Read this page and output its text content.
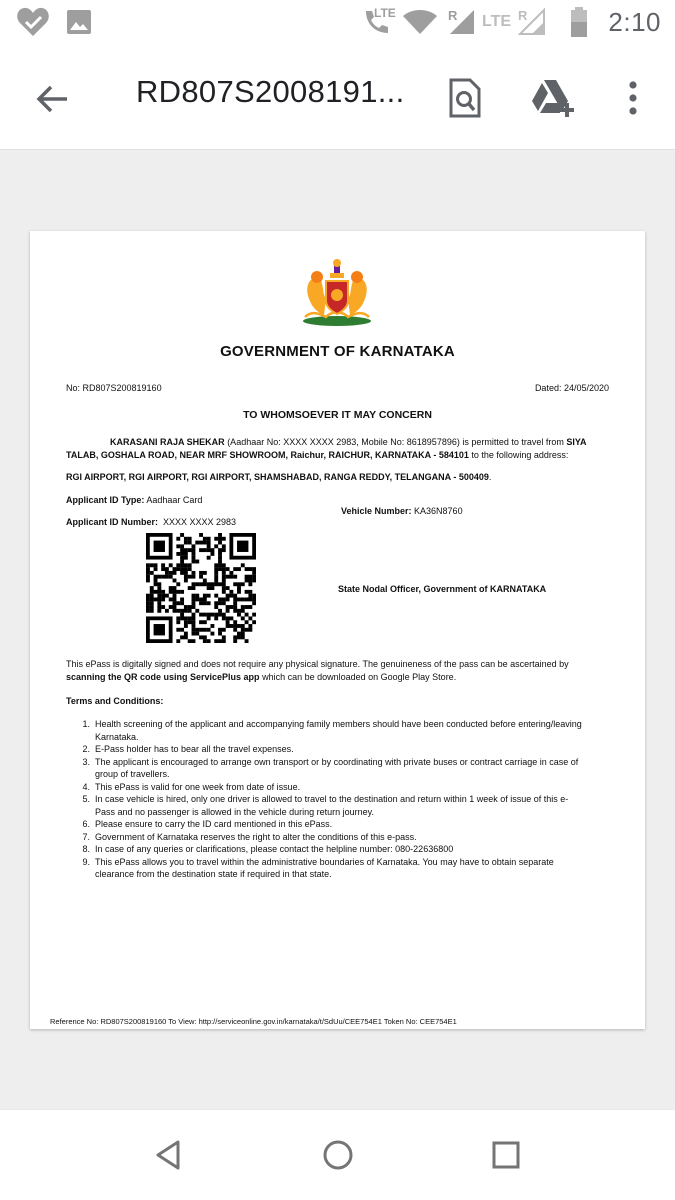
LTE	R LTE R	2:10
RD807S2008191...
GOVERNMENT OF KARNATAKA
No: RD807S200819160	Dated: 24/05/2020
TO WHOMSOEVER IT MAY CONCERN
KARASANI RAJA SHEKAR (Aadhaar No: XXXX XXXX 2983, Mobile No: 8618957896) is permitted to travel from SIYA
TALAB, GOSHALA ROAD, NEAR MRF SHOWROOM, Raichur, RAICHUR, KARNATAKA - 584101 to the following address:
RGI AIRPORT, RGI AIRPORT, RGI AIRPORT, SHAMSHABAD, RANGA REDDY, TELANGANA - 500409.
Applicant ID Type: Aadhaar Card
Vehicle Number: KA36N8760
Applicant ID Number:  XXXX XXXX 2983
State Nodal Officer, Government of KARNATAKA
This ePass is digitally signed and does not require any physical signature. The genuineness of the pass can be ascertained by
scanning the QR code using ServicePlus app which can be downloaded on Google Play Store.
Terms and Conditions:
1. Health screening of the applicant and accompanying family members should have been conducted before entering/leaving
Karnataka.
2. E-Pass holder has to bear all the travel expenses.
3. The applicant is encouraged to arrange own transport or by coordinating with private buses or contract carriage in case of
group of travellers.
4. This ePass is valid for one week from date of issue.
5. In case vehicle is hired, only one driver is allowed to travel to the destination and return within 1 week of issue of this e-
Pass and no passenger is allowed in the vehicle during return journey.
6. Please ensure to carry the ID card mentioned in this ePass.
7. Government of Karnataka reserves the right to alter the conditions of this e-pass.
8. In case of any queries or clarifications, please contact the helpline number: 080-22636800
9. This ePass allows you to travel within the administrative boundaries of Karnataka. You may have to obtain separate
clearance from the destination state if required in that state.
Reference No: RD807S200819160 To View: http://serviceonline.gov.in/karnataka/t/SdUu/CEE754E1 Token No: CEE754E1
